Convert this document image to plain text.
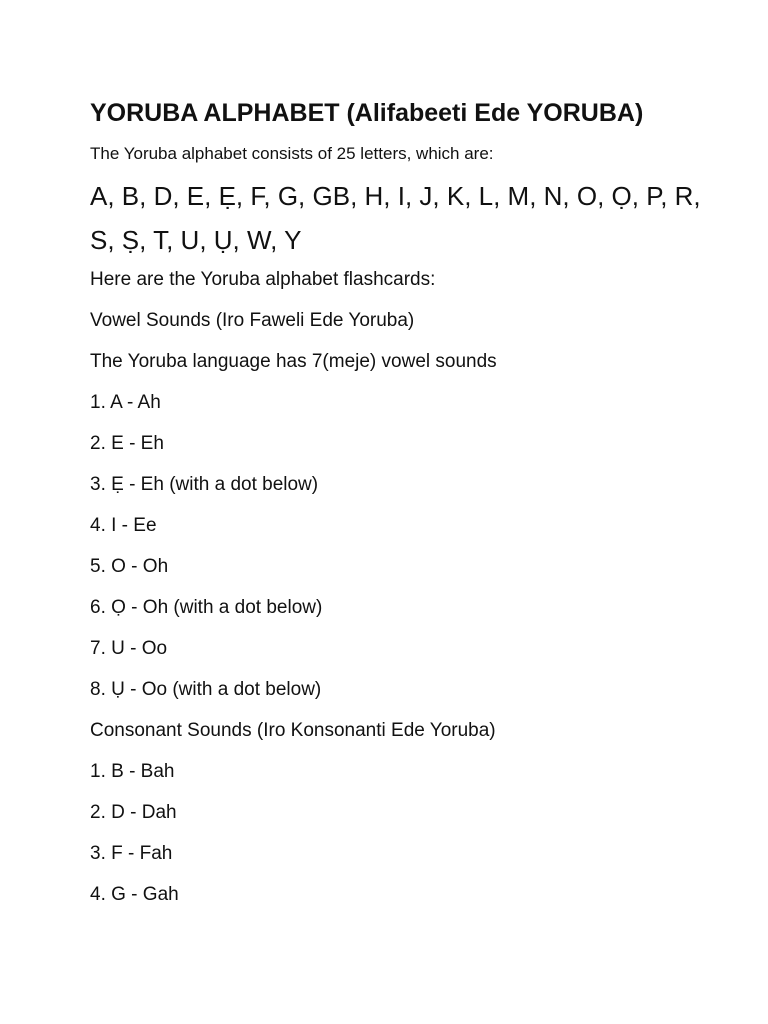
YORUBA ALPHABET (Alifabeeti Ede YORUBA)

The Yoruba alphabet consists of 25 letters, which are:

A, B, D, E, Ẹ, F, G, GB, H, I, J, K, L, M, N, O, Ọ, P, R, S, Ṣ, T, U, Ụ, W, Y

Here are the Yoruba alphabet flashcards:

Vowel Sounds (Iro Faweli Ede Yoruba)

The Yoruba language has 7(meje) vowel sounds

1. A - Ah
2. E - Eh
3. Ẹ - Eh (with a dot below)
4. I - Ee
5. O - Oh
6. Ọ - Oh (with a dot below)
7. U - Oo
8. Ụ - Oo (with a dot below)

Consonant Sounds (Iro Konsonanti Ede Yoruba)

1. B - Bah
2. D - Dah
3. F - Fah
4. G - Gah
